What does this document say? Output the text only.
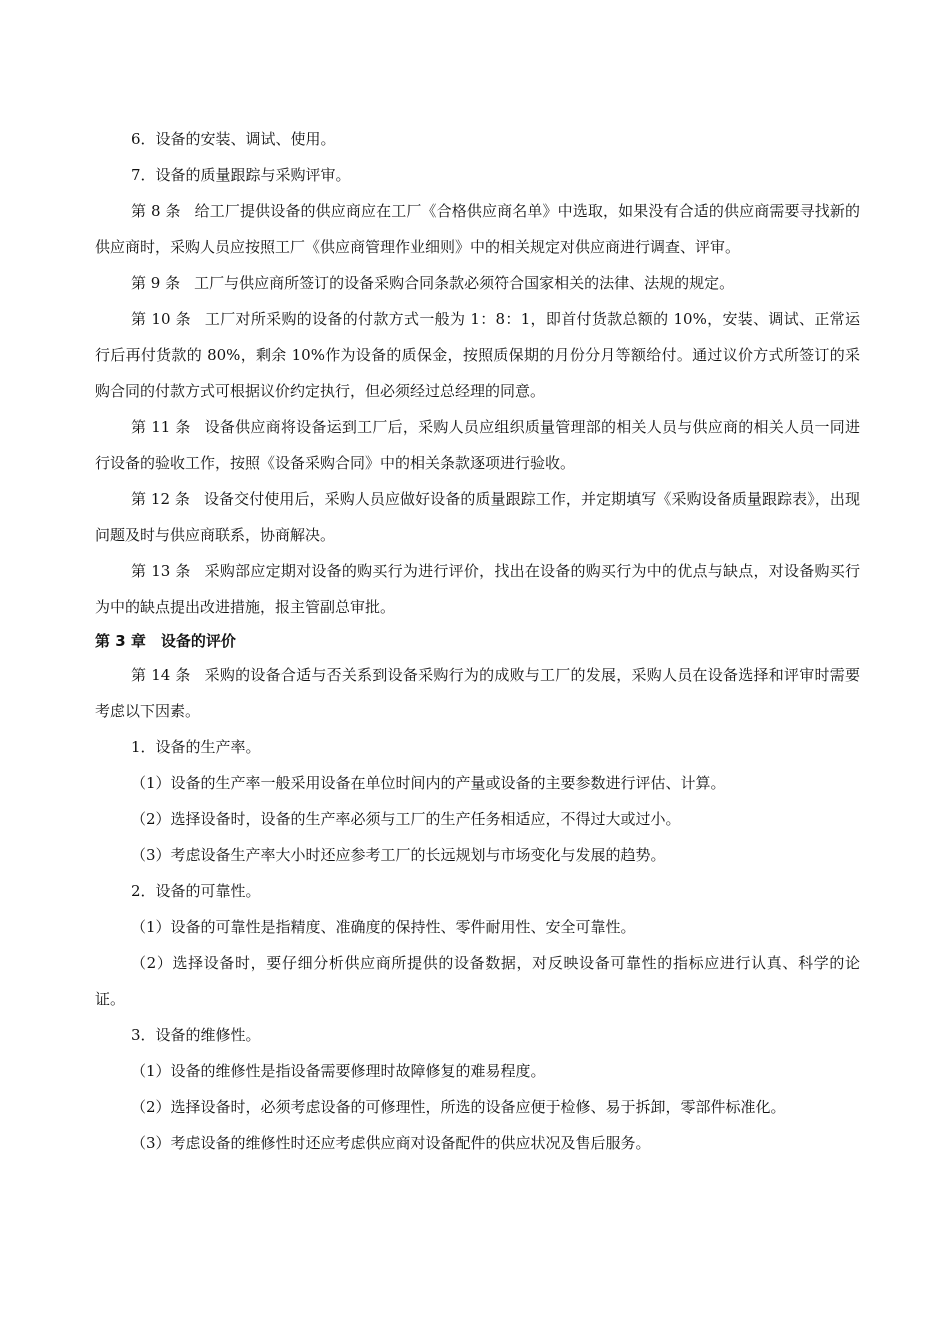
6．设备的安装、调试、使用。

7．设备的质量跟踪与采购评审。

第 8 条 给工厂提供设备的供应商应在工厂《合格供应商名单》中选取，如果没有合适的供应商需要寻找新的供应商时，采购人员应按照工厂《供应商管理作业细则》中的相关规定对供应商进行调查、评审。

第 9 条 工厂与供应商所签订的设备采购合同条款必须符合国家相关的法律、法规的规定。

第 10 条 工厂对所采购的设备的付款方式一般为 1：8：1，即首付货款总额的 10%，安装、调试、正常运行后再付货款的 80%，剩余 10%作为设备的质保金，按照质保期的月份分月等额给付。通过议价方式所签订的采购合同的付款方式可根据议价约定执行，但必须经过总经理的同意。

第 11 条 设备供应商将设备运到工厂后，采购人员应组织质量管理部的相关人员与供应商的相关人员一同进行设备的验收工作，按照《设备采购合同》中的相关条款逐项进行验收。

第 12 条 设备交付使用后，采购人员应做好设备的质量跟踪工作，并定期填写《采购设备质量跟踪表》，出现问题及时与供应商联系，协商解决。

第 13 条 采购部应定期对设备的购买行为进行评价，找出在设备的购买行为中的优点与缺点，对设备购买行为中的缺点提出改进措施，报主管副总审批。

第 3 章　设备的评价

第 14 条 采购的设备合适与否关系到设备采购行为的成败与工厂的发展，采购人员在设备选择和评审时需要考虑以下因素。

1．设备的生产率。

（1）设备的生产率一般采用设备在单位时间内的产量或设备的主要参数进行评估、计算。

（2）选择设备时，设备的生产率必须与工厂的生产任务相适应，不得过大或过小。

（3）考虑设备生产率大小时还应参考工厂的长远规划与市场变化与发展的趋势。

2．设备的可靠性。

（1）设备的可靠性是指精度、准确度的保持性、零件耐用性、安全可靠性。

（2）选择设备时，要仔细分析供应商所提供的设备数据，对反映设备可靠性的指标应进行认真、科学的论证。

3．设备的维修性。

（1）设备的维修性是指设备需要修理时故障修复的难易程度。

（2）选择设备时，必须考虑设备的可修理性，所选的设备应便于检修、易于拆卸，零部件标准化。

（3）考虑设备的维修性时还应考虑供应商对设备配件的供应状况及售后服务。
